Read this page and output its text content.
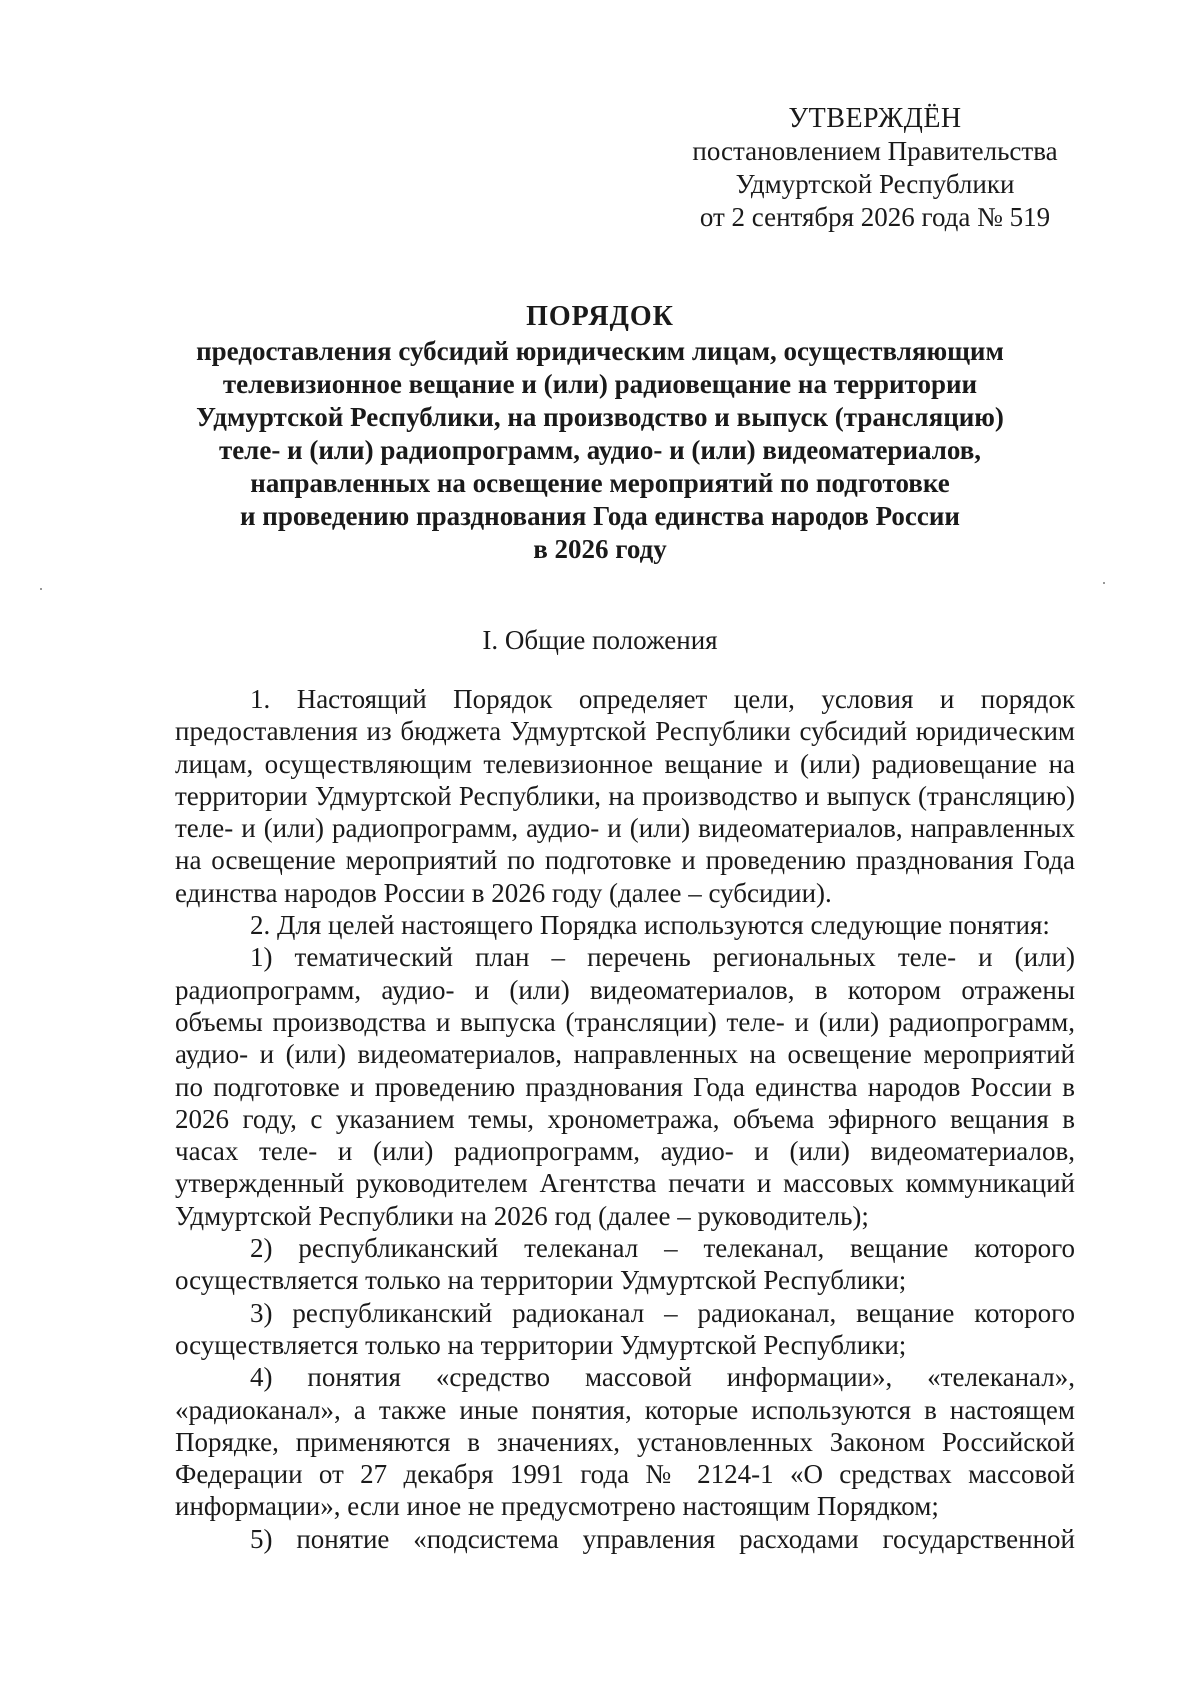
УТВЕРЖДЁН
постановлением Правительства
Удмуртской Республики
от 2 сентября 2026 года № 519
ПОРЯДОК
предоставления субсидий юридическим лицам, осуществляющим
телевизионное вещание и (или) радиовещание на территории
Удмуртской Республики, на производство и выпуск (трансляцию)
теле- и (или) радиопрограмм, аудио- и (или) видеоматериалов,
направленных на освещение мероприятий по подготовке
и проведению празднования Года единства народов России
в 2026 году
I. Общие положения

1. Настоящий Порядок определяет цели, условия и порядок предоставления из бюджета Удмуртской Республики субсидий юридическим лицам, осуществляющим телевизионное вещание и (или) радиовещание на территории Удмуртской Республики, на производство и выпуск (трансляцию) теле- и (или) радиопрограмм, аудио- и (или) видеоматериалов, направленных на освещение мероприятий по подготовке и проведению празднования Года единства народов России в 2026 году (далее – субсидии).

2. Для целей настоящего Порядка используются следующие понятия:

1) тематический план – перечень региональных теле- и (или) радиопрограмм, аудио- и (или) видеоматериалов, в котором отражены объемы производства и выпуска (трансляции) теле- и (или) радиопрограмм, аудио- и (или) видеоматериалов, направленных на освещение мероприятий по подготовке и проведению празднования Года единства народов России в 2026 году, с указанием темы, хронометража, объема эфирного вещания в часах теле- и (или) радиопрограмм, аудио- и (или) видеоматериалов, утвержденный руководителем Агентства печати и массовых коммуникаций Удмуртской Республики на 2026 год (далее – руководитель);

2) республиканский телеканал – телеканал, вещание которого осуществляется только на территории Удмуртской Республики;

3) республиканский радиоканал – радиоканал, вещание которого осуществляется только на территории Удмуртской Республики;

4) понятия «средство массовой информации», «телеканал», «радиоканал», а также иные понятия, которые используются в настоящем Порядке, применяются в значениях, установленных Законом Российской Федерации от 27 декабря 1991 года № 2124-1 «О средствах массовой информации», если иное не предусмотрено настоящим Порядком;

5) понятие «подсистема управления расходами государственной
